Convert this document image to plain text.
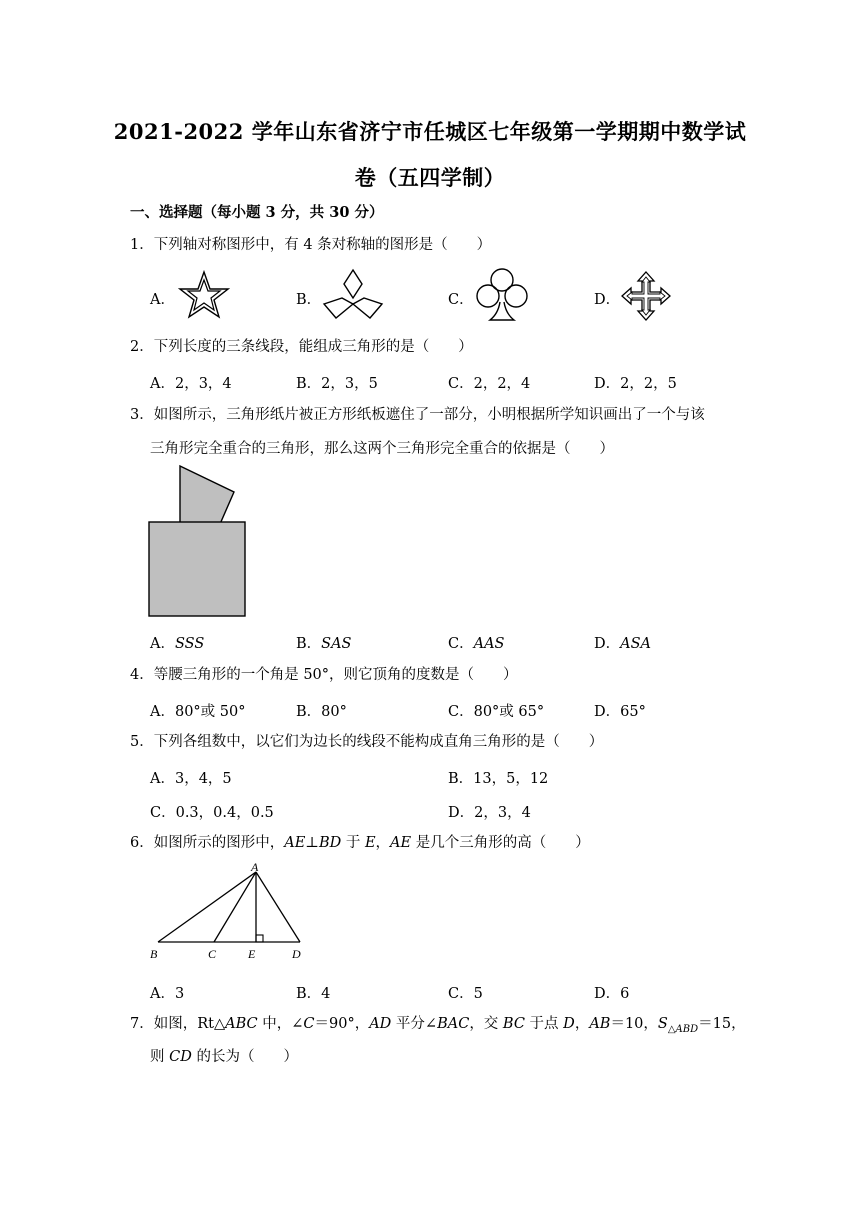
2021-2022 学年山东省济宁市任城区七年级第一学期期中数学试
卷（五四学制）
一、选择题（每小题 3 分，共 30 分）
1．下列轴对称图形中，有 4 条对称轴的图形是（　　）
A．	B．	C．	D．
2．下列长度的三条线段，能组成三角形的是（　　）
A．2，3，4	B．2，3，5	C．2，2，4	D．2，2，5
3．如图所示，三角形纸片被正方形纸板遮住了一部分，小明根据所学知识画出了一个与该
三角形完全重合的三角形，那么这两个三角形完全重合的依据是（　　）
A．SSS	B．SAS	C．AAS	D．ASA
4．等腰三角形的一个角是 50°，则它顶角的度数是（　　）
A．80°或 50°	B．80°	C．80°或 65°	D．65°
5．下列各组数中，以它们为边长的线段不能构成直角三角形的是（　　）
A．3，4，5	B．13，5，12
C．0.3，0.4，0.5	D．2，3，4
6．如图所示的图形中，AE⊥BD 于 E，AE 是几个三角形的高（　　）
A
B	C	E	D
A．3	B．4	C．5	D．6
7．如图，Rt△ABC 中，∠C＝90°，AD 平分∠BAC，交 BC 于点 D，AB＝10，$S_{\triangle ABD}=15$，
则 CD 的长为（　　）
